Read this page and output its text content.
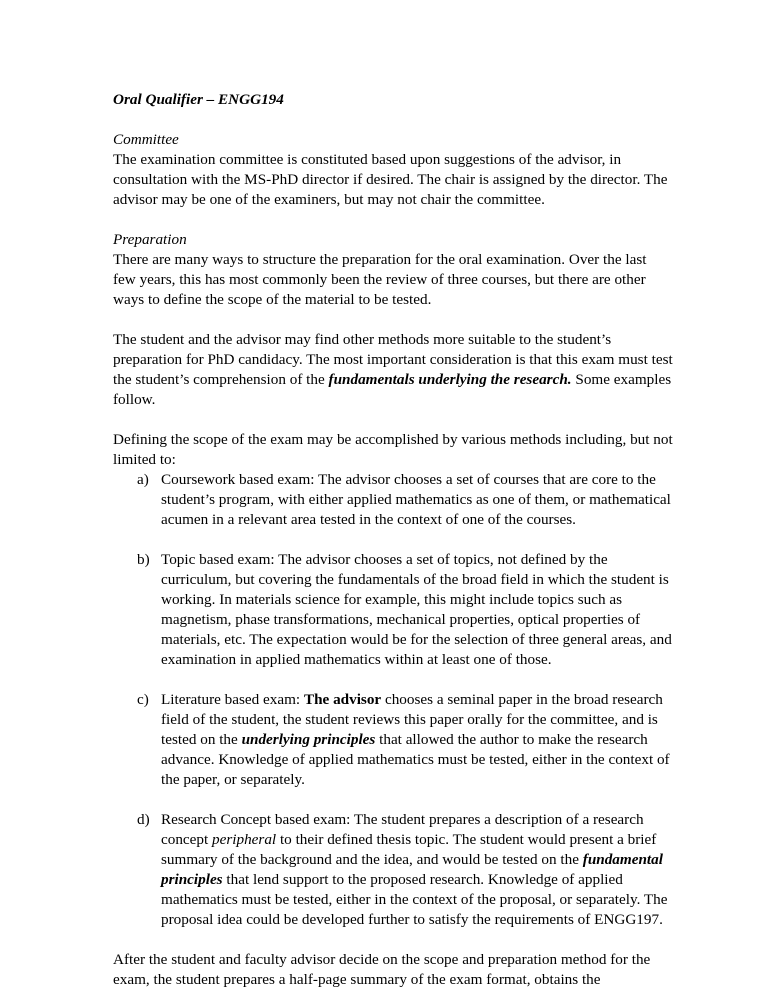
Oral Qualifier – ENGG194

Committee

The examination committee is constituted based upon suggestions of the advisor, in consultation with the MS-PhD director if desired. The chair is assigned by the director. The advisor may be one of the examiners, but may not chair the committee.

Preparation

There are many ways to structure the preparation for the oral examination. Over the last few years, this has most commonly been the review of three courses, but there are other ways to define the scope of the material to be tested.

The student and the advisor may find other methods more suitable to the student’s preparation for PhD candidacy. The most important consideration is that this exam must test the student’s comprehension of the fundamentals underlying the research. Some examples follow.

Defining the scope of the exam may be accomplished by various methods including, but not limited to:

a) Coursework based exam: The advisor chooses a set of courses that are core to the student’s program, with either applied mathematics as one of them, or mathematical acumen in a relevant area tested in the context of one of the courses.
b) Topic based exam: The advisor chooses a set of topics, not defined by the curriculum, but covering the fundamentals of the broad field in which the student is working. In materials science for example, this might include topics such as magnetism, phase transformations, mechanical properties, optical properties of materials, etc. The expectation would be for the selection of three general areas, and examination in applied mathematics within at least one of those.
c) Literature based exam: The advisor chooses a seminal paper in the broad research field of the student, the student reviews this paper orally for the committee, and is tested on the underlying principles that allowed the author to make the research advance. Knowledge of applied mathematics must be tested, either in the context of the paper, or separately.
d) Research Concept based exam: The student prepares a description of a research concept peripheral to their defined thesis topic. The student would present a brief summary of the background and the idea, and would be tested on the fundamental principles that lend support to the proposed research. Knowledge of applied mathematics must be tested, either in the context of the proposal, or separately. The proposal idea could be developed further to satisfy the requirements of ENGG197.

After the student and faculty advisor decide on the scope and preparation method for the exam, the student prepares a half-page summary of the exam format, obtains the
